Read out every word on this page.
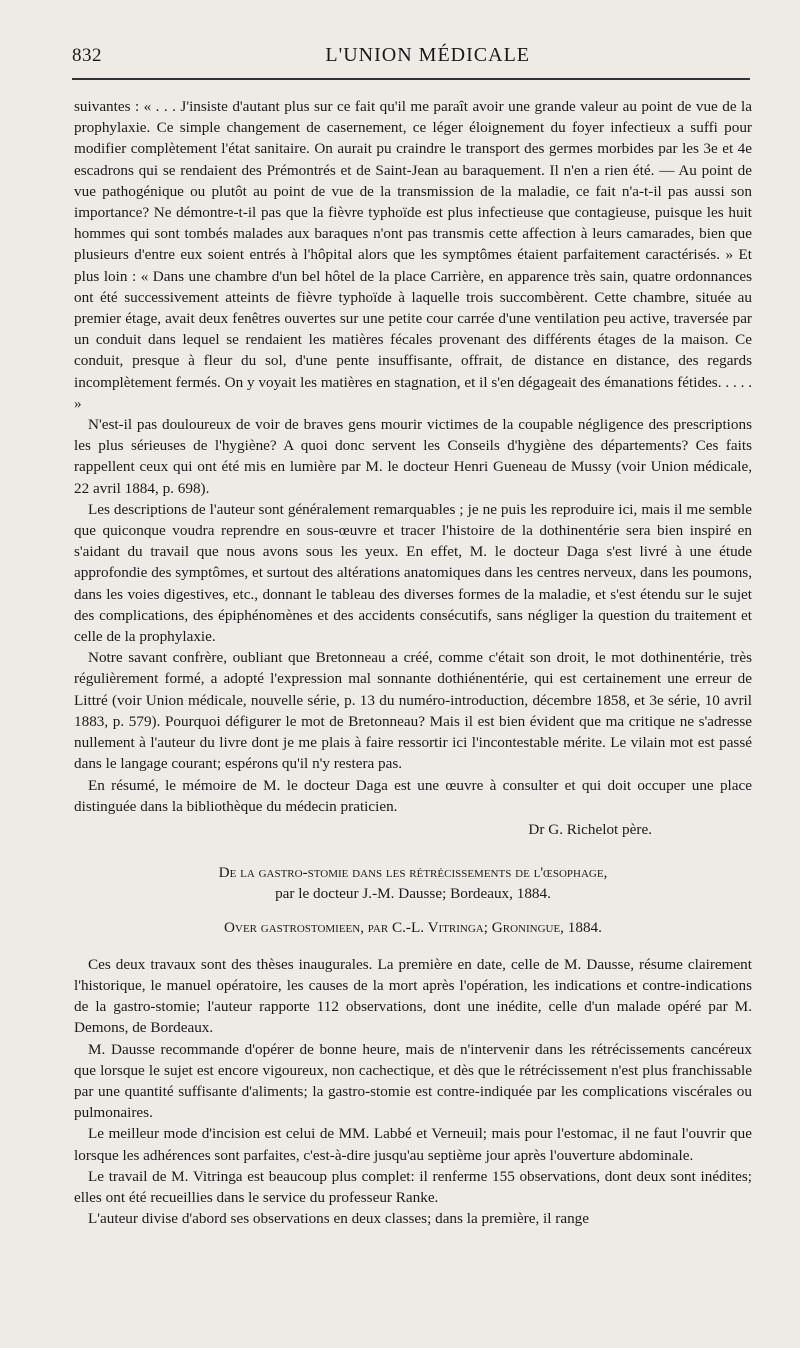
832	L'UNION MÉDICALE

suivantes : « . . . J'insiste d'autant plus sur ce fait qu'il me paraît avoir une grande valeur au point de vue de la prophylaxie. Ce simple changement de casernement, ce léger éloignement du foyer infectieux a suffi pour modifier complètement l'état sanitaire. On aurait pu craindre le transport des germes morbides par les 3e et 4e escadrons qui se rendaient des Prémontrés et de Saint-Jean au baraquement. Il n'en a rien été. — Au point de vue pathogénique ou plutôt au point de vue de la transmission de la maladie, ce fait n'a-t-il pas aussi son importance? Ne démontre-t-il pas que la fièvre typhoïde est plus infectieuse que contagieuse, puisque les huit hommes qui sont tombés malades aux baraques n'ont pas transmis cette affection à leurs camarades, bien que plusieurs d'entre eux soient entrés à l'hôpital alors que les symptômes étaient parfaitement caractérisés. » Et plus loin : « Dans une chambre d'un bel hôtel de la place Carrière, en apparence très sain, quatre ordonnances ont été successivement atteints de fièvre typhoïde à laquelle trois succombèrent. Cette chambre, située au premier étage, avait deux fenêtres ouvertes sur une petite cour carrée d'une ventilation peu active, traversée par un conduit dans lequel se rendaient les matières fécales provenant des différents étages de la maison. Ce conduit, presque à fleur du sol, d'une pente insuffisante, offrait, de distance en distance, des regards incomplètement fermés. On y voyait les matières en stagnation, et il s'en dégageait des émanations fétides. . . . . »

N'est-il pas douloureux de voir de braves gens mourir victimes de la coupable négligence des prescriptions les plus sérieuses de l'hygiène? A quoi donc servent les Conseils d'hygiène des départements? Ces faits rappellent ceux qui ont été mis en lumière par M. le docteur Henri Gueneau de Mussy (voir Union médicale, 22 avril 1884, p. 698).

Les descriptions de l'auteur sont généralement remarquables ; je ne puis les reproduire ici, mais il me semble que quiconque voudra reprendre en sous-œuvre et tracer l'histoire de la dothinentérie sera bien inspiré en s'aidant du travail que nous avons sous les yeux. En effet, M. le docteur Daga s'est livré à une étude approfondie des symptômes, et surtout des altérations anatomiques dans les centres nerveux, dans les poumons, dans les voies digestives, etc., donnant le tableau des diverses formes de la maladie, et s'est étendu sur le sujet des complications, des épiphénomènes et des accidents consécutifs, sans négliger la question du traitement et celle de la prophylaxie.

Notre savant confrère, oubliant que Bretonneau a créé, comme c'était son droit, le mot dothinentérie, très régulièrement formé, a adopté l'expression mal sonnante dothiénentérie, qui est certainement une erreur de Littré (voir Union médicale, nouvelle série, p. 13 du numéro-introduction, décembre 1858, et 3e série, 10 avril 1883, p. 579). Pourquoi défigurer le mot de Bretonneau? Mais il est bien évident que ma critique ne s'adresse nullement à l'auteur du livre dont je me plais à faire ressortir ici l'incontestable mérite. Le vilain mot est passé dans le langage courant; espérons qu'il n'y restera pas.

En résumé, le mémoire de M. le docteur Daga est une œuvre à consulter et qui doit occuper une place distinguée dans la bibliothèque du médecin praticien.

Dr G. Richelot père.

De la gastro-stomie dans les rétrécissements de l'œsophage,
par le docteur J.-M. Dausse; Bordeaux, 1884.

Over gastrostomieen, par C.-L. Vitringa; Groningue, 1884.

Ces deux travaux sont des thèses inaugurales. La première en date, celle de M. Dausse, résume clairement l'historique, le manuel opératoire, les causes de la mort après l'opération, les indications et contre-indications de la gastro-stomie; l'auteur rapporte 112 observations, dont une inédite, celle d'un malade opéré par M. Demons, de Bordeaux.

M. Dausse recommande d'opérer de bonne heure, mais de n'intervenir dans les rétrécissements cancéreux que lorsque le sujet est encore vigoureux, non cachectique, et dès que le rétrécissement n'est plus franchissable par une quantité suffisante d'aliments; la gastro-stomie est contre-indiquée par les complications viscérales ou pulmonaires.

Le meilleur mode d'incision est celui de MM. Labbé et Verneuil; mais pour l'estomac, il ne faut l'ouvrir que lorsque les adhérences sont parfaites, c'est-à-dire jusqu'au septième jour après l'ouverture abdominale.

Le travail de M. Vitringa est beaucoup plus complet: il renferme 155 observations, dont deux sont inédites; elles ont été recueillies dans le service du professeur Ranke.

L'auteur divise d'abord ses observations en deux classes; dans la première, il range
